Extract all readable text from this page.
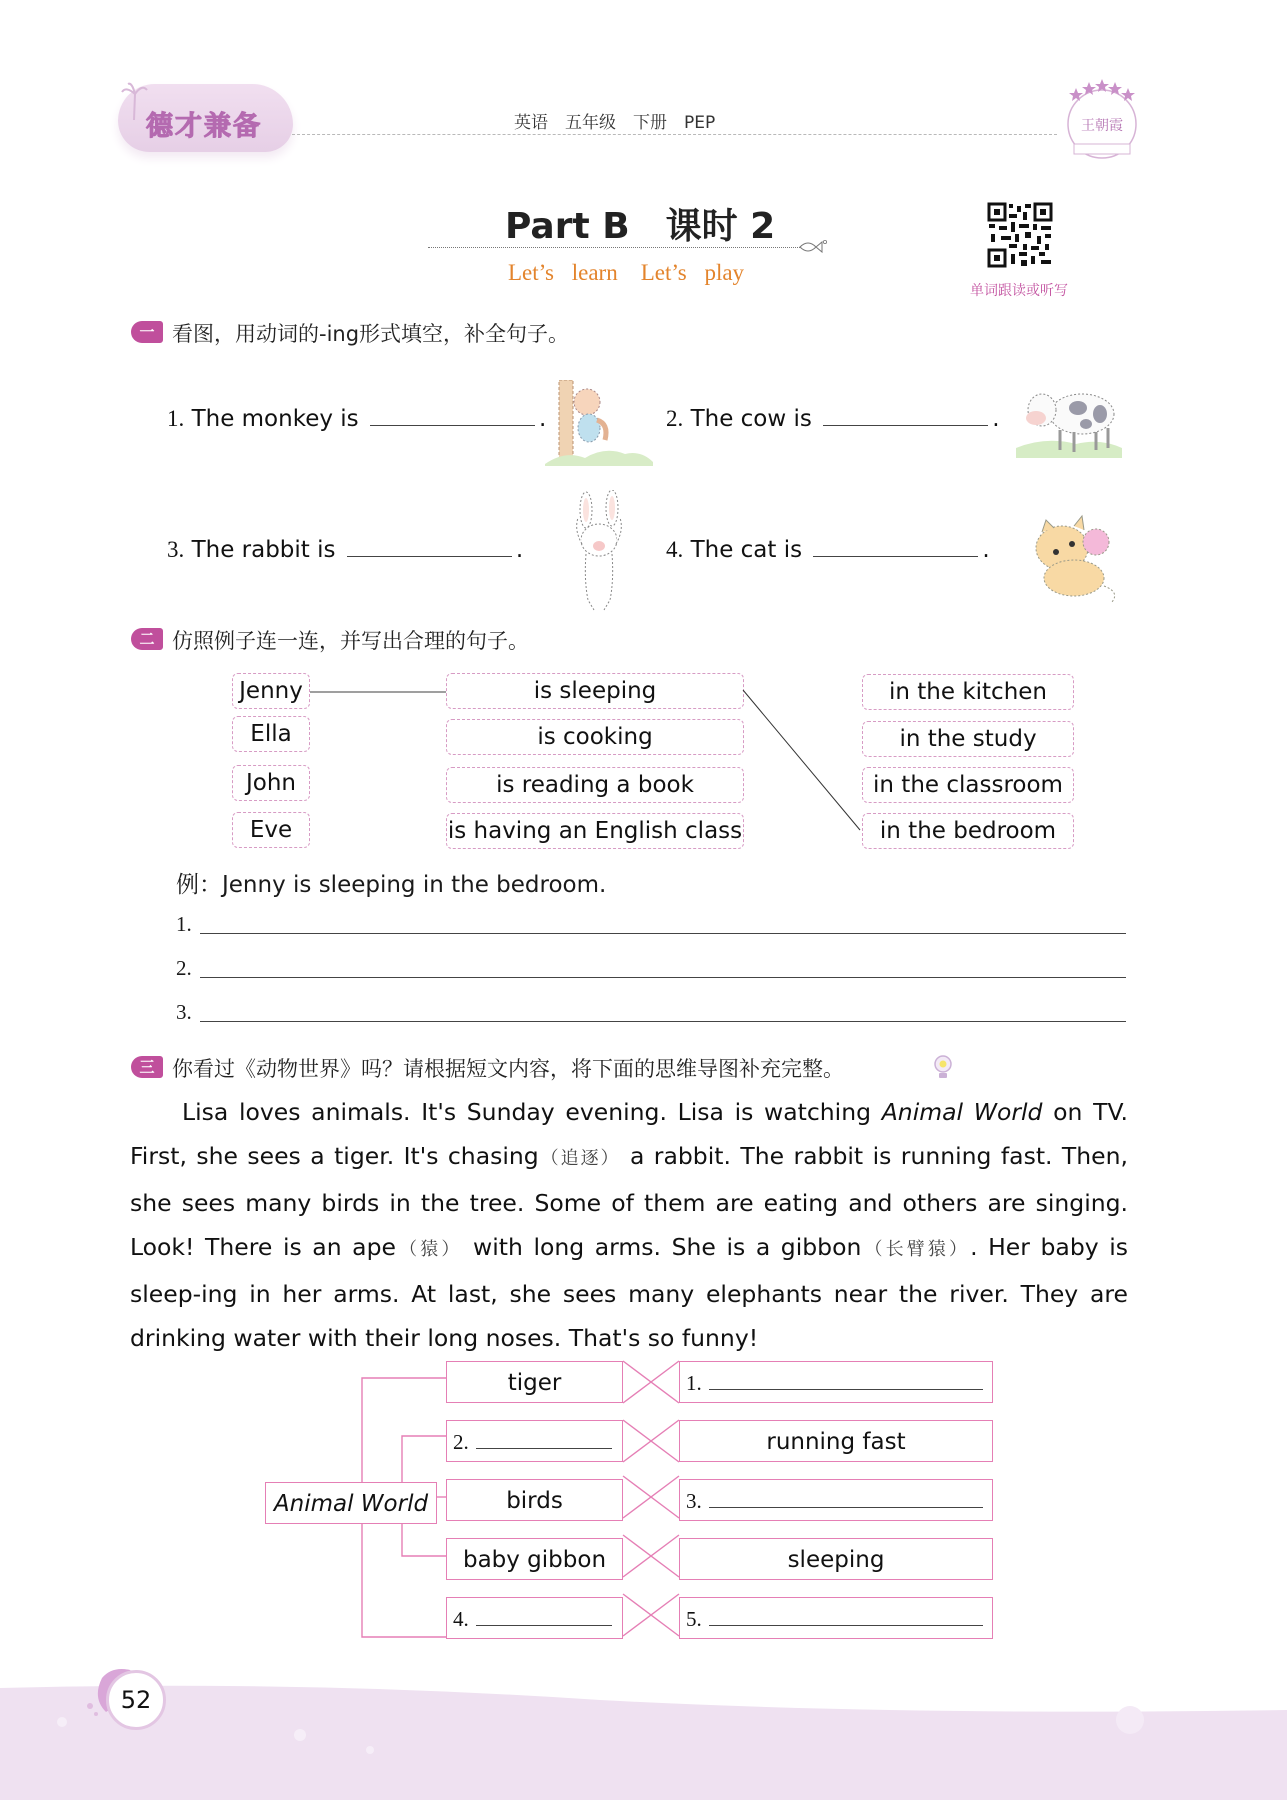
德才兼备	英语　五年级　下册　PEP	王朝霞
Part B　课时 2
Let’s learn　Let’s play
单词跟读或听写
一 看图，用动词的-ing形式填空，补全句子。
1. The monkey is	.	2. The cow is	.
3. The rabbit is	.	4. The cat is	.
二 仿照例子连一连，并写出合理的句子。
Jenny
Ella
John
Eve
is sleeping
is cooking
is reading a book
is having an English class
in the kitchen
in the study
in the classroom
in the bedroom
例：Jenny is sleeping in the bedroom.
1.
2.
3.
三 你看过《动物世界》吗？请根据短文内容，将下面的思维导图补充完整。

Lisa loves animals. It's Sunday evening. Lisa is watching Animal World on TV. First, she sees a tiger. It's chasing（追逐） a rabbit. The rabbit is running fast. Then, she sees many birds in the tree. Some of them are eating and others are singing. Look! There is an ape（猿） with long arms. She is a gibbon（长臂猿）. Her baby is sleep-ing in her arms. At last, she sees many elephants near the river. They are drinking water with their long noses. That's so funny!

Animal World
tiger	1.
2.	running fast
birds	3.
baby gibbon	sleeping
4.	5.
52
